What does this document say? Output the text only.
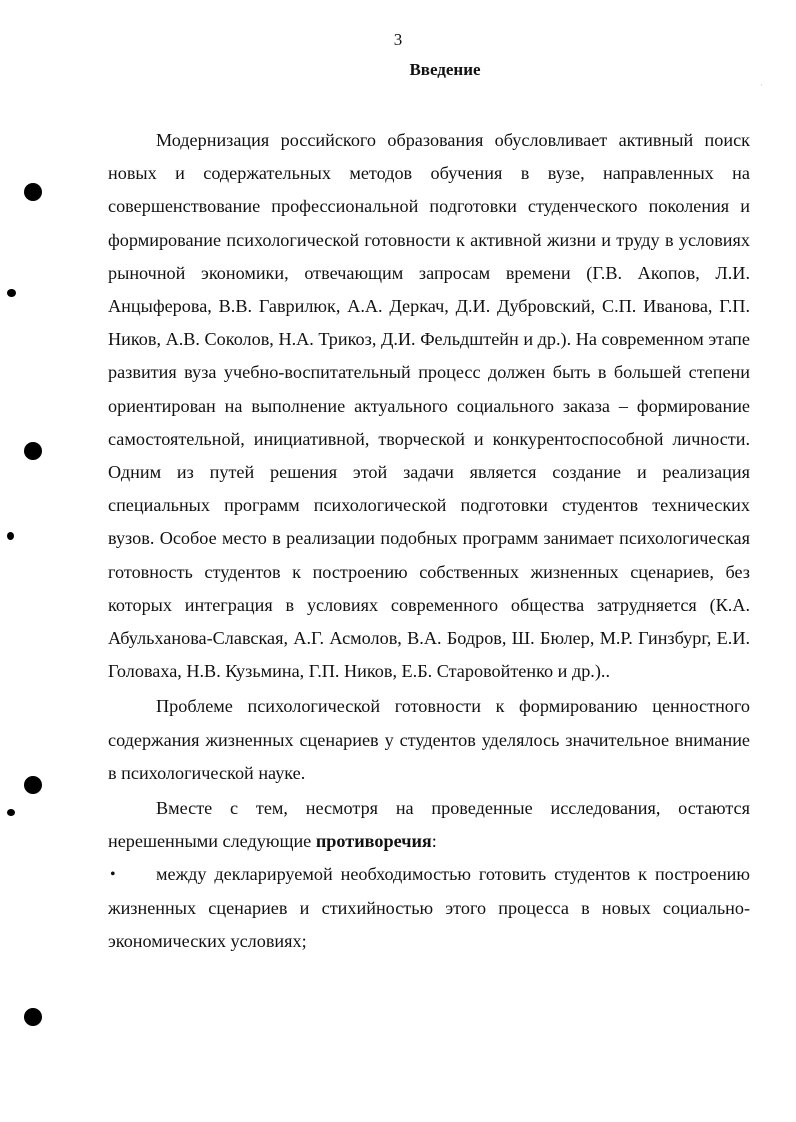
·
3
Введение

Модернизация российского образования обусловливает активный поиск новых и содержательных методов обучения в вузе, направленных на совершенствование профессиональной подготовки студенческого поколения и формирование психологической готовности к активной жизни и труду в условиях рыночной экономики, отвечающим запросам времени (Г.В. Акопов, Л.И. Анцыферова, В.В. Гаврилюк, А.А. Деркач, Д.И. Дубровский, С.П. Иванова, Г.П. Ников, А.В. Соколов, Н.А. Трикоз, Д.И. Фельдштейн и др.). На современном этапе развития вуза учебно-воспитательный процесс должен быть в большей степени ориентирован на выполнение актуального социального заказа – формирование самостоятельной, инициативной, творческой и конкурентоспособной личности. Одним из путей решения этой задачи является создание и реализация специальных программ психологической подготовки студентов технических вузов. Особое место в реализации подобных программ занимает психологическая готовность студентов к построению собственных жизненных сценариев, без которых интеграция в условиях современного общества затрудняется (К.А. Абульханова-Славская, А.Г. Асмолов, В.А. Бодров, Ш. Бюлер, М.Р. Гинзбург, Е.И. Головаха, Н.В. Кузьмина, Г.П. Ников, Е.Б. Старовойтенко и др.)..

Проблеме психологической готовности к формированию ценностного содержания жизненных сценариев у студентов уделялось значительное внимание в психологической науке.

Вместе с тем, несмотря на проведенные исследования, остаются нерешенными следующие противоречия:

• между декларируемой необходимостью готовить студентов к построению жизненных сценариев и стихийностью этого процесса в новых социально-экономических условиях;
